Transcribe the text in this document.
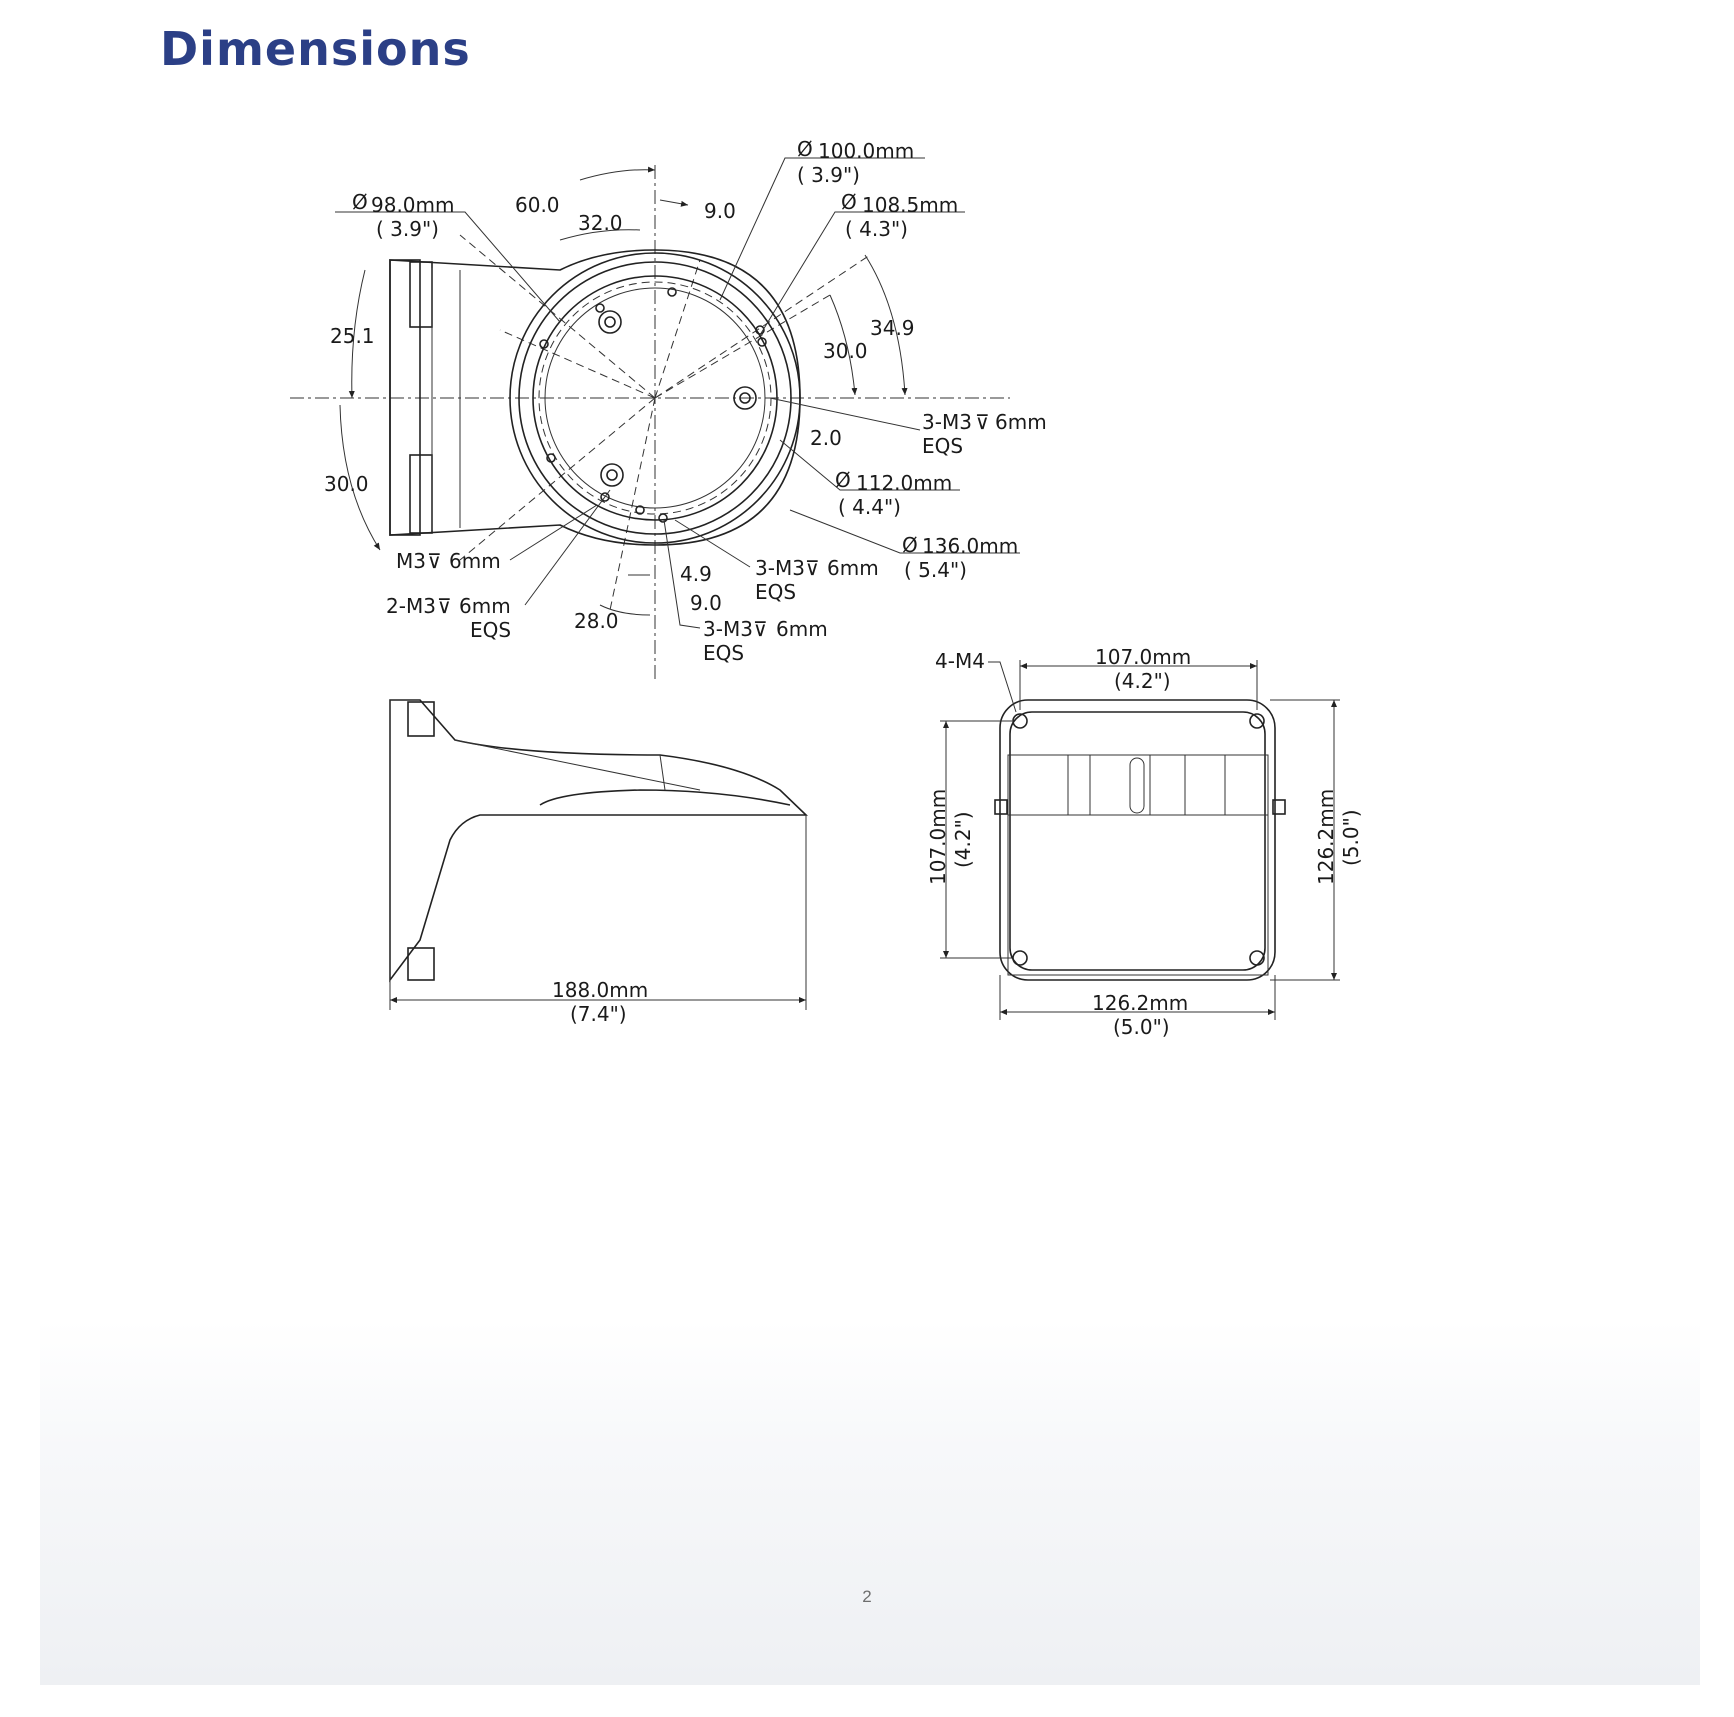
Dimensions
Ø 98.0mm
( 3.9")
Ø 100.0mm
( 3.9")
Ø 108.5mm
( 4.3")
Ø 112.0mm
( 4.4")
Ø 136.0mm
( 5.4")
60.0
32.0	9.0
34.9
30.0
2.0
25.1
30.0
4.9
9.0
28.0
3-M3 ⊽ 6mm
EQS
M3 ⊽ 6mm
2-M3 ⊽ 6mm
EQS
3-M3 ⊽ 6mm
EQS
3-M3 ⊽ 6mm
EQS
188.0mm
(7.4")
107.0mm
(4.2")
4-M4
107.0mm (4.2")	126.2mm (5.0")
126.2mm
(5.0")
2
